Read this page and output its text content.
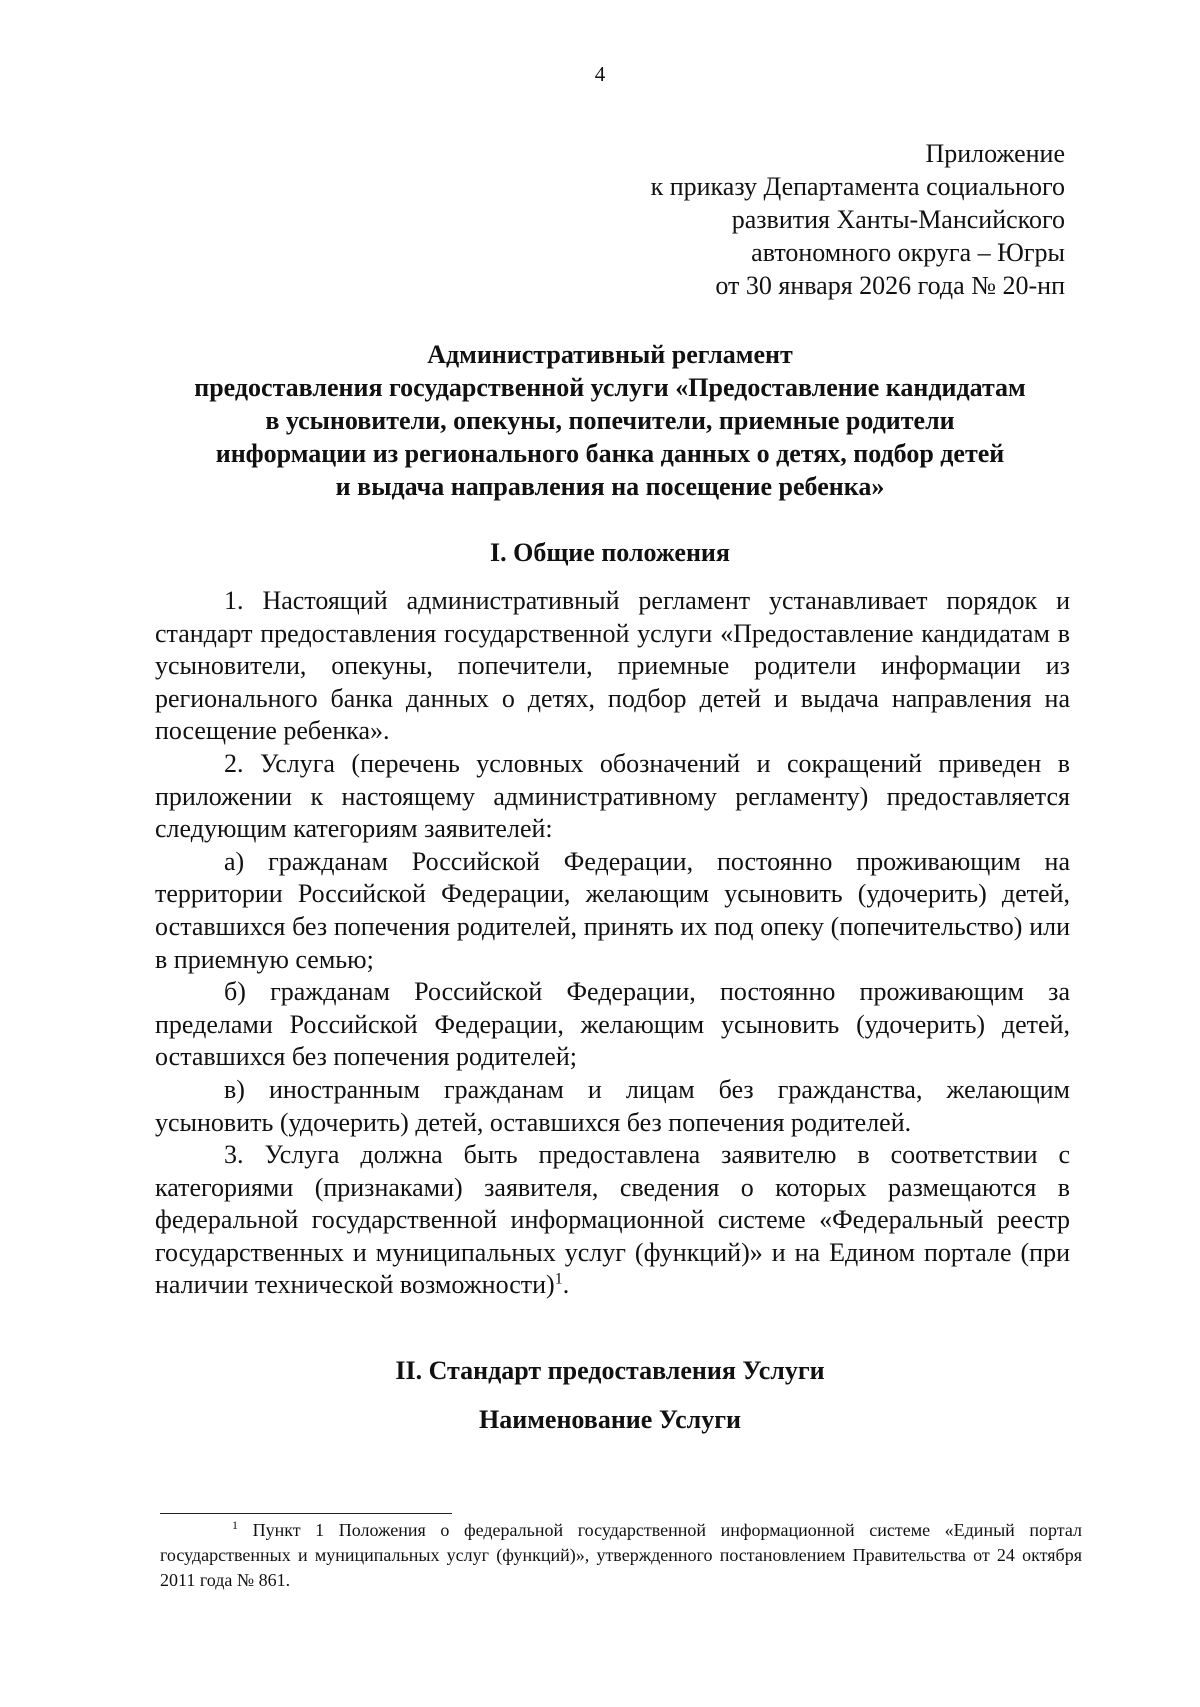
4
Приложение
к приказу Департамента социального
развития Ханты-Мансийского
автономного округа – Югры
от 30 января 2026 года № 20-нп
Административный регламент
предоставления государственной услуги «Предоставление кандидатам
в усыновители, опекуны, попечители, приемные родители
информации из регионального банка данных о детях, подбор детей
и выдача направления на посещение ребенка»
I. Общие положения

1. Настоящий административный регламент устанавливает порядок и стандарт предоставления государственной услуги «Предоставление кандидатам в усыновители, опекуны, попечители, приемные родители информации из регионального банка данных о детях, подбор детей и выдача направления на посещение ребенка».

2. Услуга (перечень условных обозначений и сокращений приведен в приложении к настоящему административному регламенту) предоставляется следующим категориям заявителей:

а) гражданам Российской Федерации, постоянно проживающим на территории Российской Федерации, желающим усыновить (удочерить) детей, оставшихся без попечения родителей, принять их под опеку (попечительство) или в приемную семью;

б) гражданам Российской Федерации, постоянно проживающим за пределами Российской Федерации, желающим усыновить (удочерить) детей, оставшихся без попечения родителей;

в) иностранным гражданам и лицам без гражданства, желающим усыновить (удочерить) детей, оставшихся без попечения родителей.

3. Услуга должна быть предоставлена заявителю в соответствии с категориями (признаками) заявителя, сведения о которых размещаются в федеральной государственной информационной системе «Федеральный реестр государственных и муниципальных услуг (функций)» и на Едином портале (при наличии технической возможности)$^1$.

II. Стандарт предоставления Услуги
Наименование Услуги

$^1$ Пункт 1 Положения о федеральной государственной информационной системе «Единый портал государственных и муниципальных услуг (функций)», утвержденного постановлением Правительства от 24 октября 2011 года № 861.
